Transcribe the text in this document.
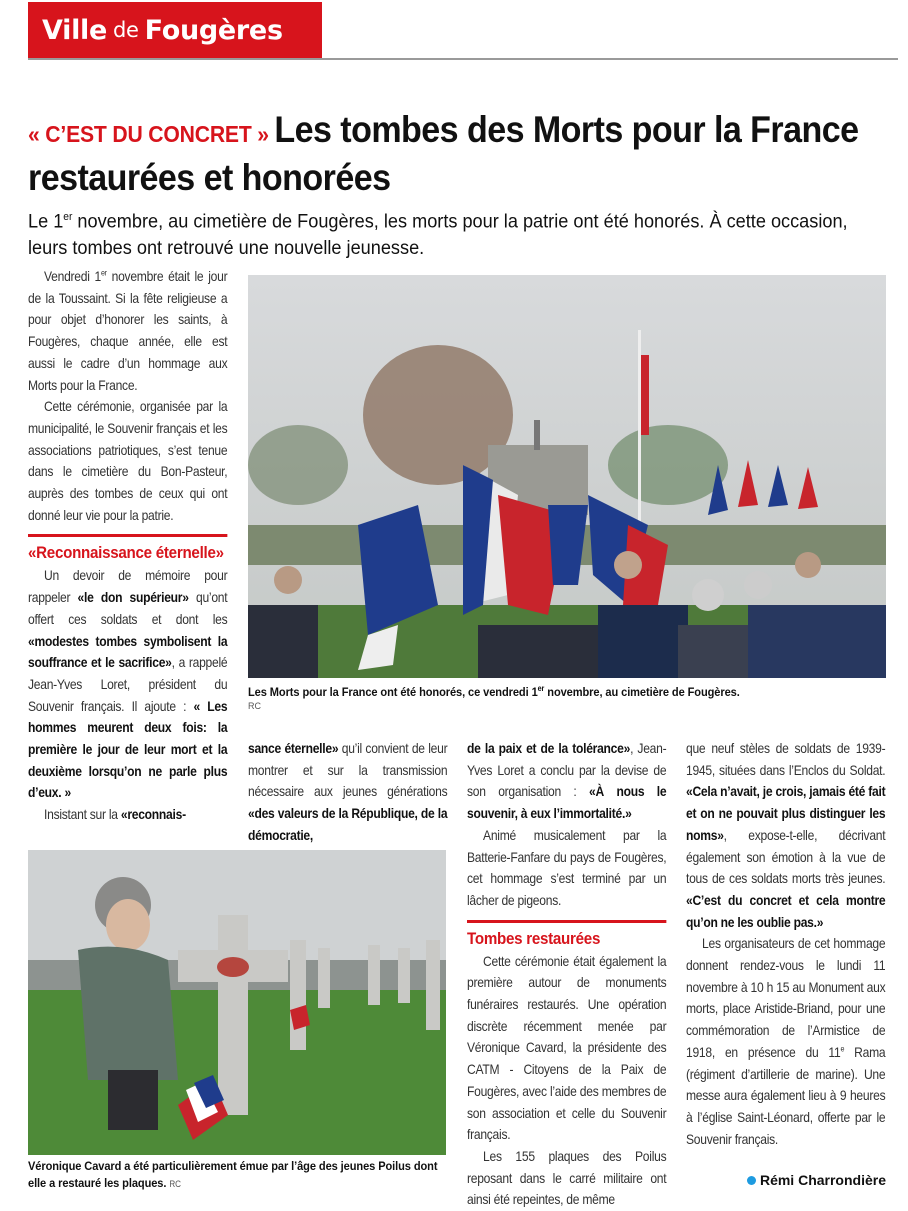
Ville de Fougères
« C’EST DU CONCRET » Les tombes des Morts pour la France restaurées et honorées
Le 1er novembre, au cimetière de Fougères, les morts pour la patrie ont été honorés. À cette occasion, leurs tombes ont retrouvé une nouvelle jeunesse.

Vendredi 1er novembre était le jour de la Toussaint. Si la fête religieuse a pour objet d’honorer les saints, à Fougères, chaque année, elle est aussi le cadre d’un hommage aux Morts pour la France.

Cette cérémonie, organisée par la municipalité, le Souvenir français et les associations patriotiques, s’est tenue dans le cimetière du Bon-Pasteur, auprès des tombes de ceux qui ont donné leur vie pour la patrie.

«Reconnaissance éternelle»

Un devoir de mémoire pour rappeler «le don supérieur» qu’ont offert ces soldats et dont les «modestes tombes symbolisent la souffrance et le sacrifice», a rappelé Jean-Yves Loret, président du Souvenir français. Il ajoute : « Les hommes meurent deux fois: la première le jour de leur mort et la deuxième lorsqu’on ne parle plus d’eux. »

Insistant sur la «reconnais-

sance éternelle» qu’il convient de leur montrer et sur la transmission nécessaire aux jeunes générations «des valeurs de la République, de la démocratie,

de la paix et de la tolérance», Jean-Yves Loret a conclu par la devise de son organisation : «À nous le souvenir, à eux l’immortalité.»

Animé musicalement par la Batterie-Fanfare du pays de Fougères, cet hommage s’est terminé par un lâcher de pigeons.

Tombes restaurées

Cette cérémonie était également la première autour de monuments funéraires restaurés. Une opération discrète récemment menée par Véronique Cavard, la présidente des CATM - Citoyens de la Paix de Fougères, avec l’aide des membres de son association et celle du Souvenir français.

Les 155 plaques des Poilus reposant dans le carré militaire ont ainsi été repeintes, de même

que neuf stèles de soldats de 1939-1945, situées dans l’Enclos du Soldat. «Cela n’avait, je crois, jamais été fait et on ne pouvait plus distinguer les noms», expose-t-elle, décrivant également son émotion à la vue de tous de ces soldats morts très jeunes. «C’est du concret et cela montre qu’on ne les oublie pas.»

Les organisateurs de cet hommage donnent rendez-vous le lundi 11 novembre à 10 h 15 au Monument aux morts, place Aristide-Briand, pour une commémoration de l’Armistice de 1918, en présence du 11e Rama (régiment d’artillerie de marine). Une messe aura également lieu à 9 heures à l’église Saint-Léonard, offerte par le Souvenir français.

Les Morts pour la France ont été honorés, ce vendredi 1er novembre, au cimetière de Fougères.
RC
Véronique Cavard a été particulièrement émue par l’âge des jeunes Poilus dont elle a restauré les plaques. RC	Rémi Charrondière
